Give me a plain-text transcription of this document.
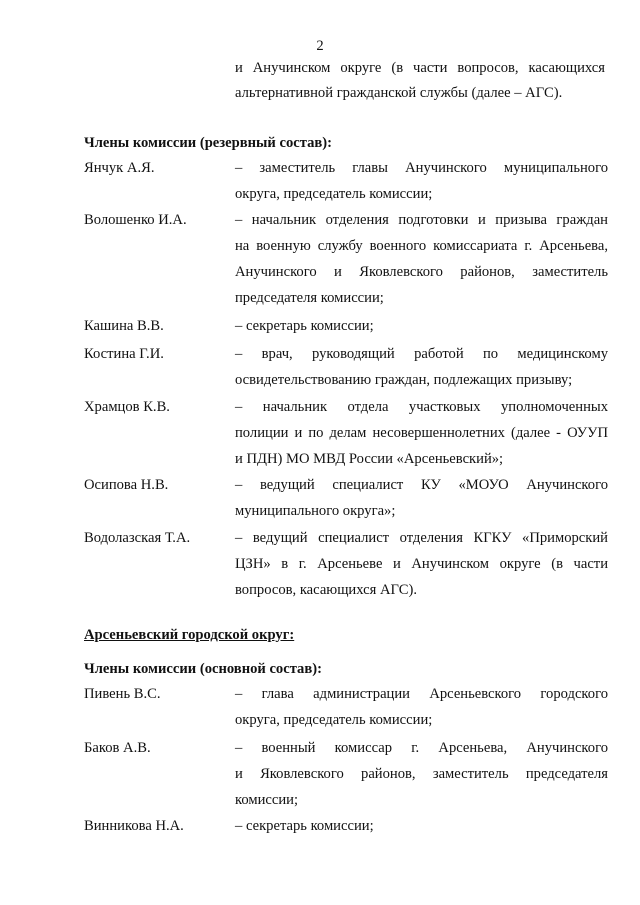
2
и Анучинском округе (в части вопросов, касающихся
альтернативной гражданской службы (далее – АГС).
Члены комиссии (резервный состав):
Янчук А.Я.	– заместитель главы Анучинского муниципального
округа, председатель комиссии;
Волошенко И.А.	– начальник отделения подготовки и призыва граждан
на военную службу военного комиссариата г. Арсеньева,
Анучинского и Яковлевского районов, заместитель
председателя комиссии;
Кашина В.В.	– секретарь комиссии;
Костина Г.И.	– врач, руководящий работой по медицинскому
освидетельствованию граждан, подлежащих призыву;
Храмцов К.В.	– начальник отдела участковых уполномоченных
полиции и по делам несовершеннолетних (далее - ОУУП
и ПДН) МО МВД России «Арсеньевский»;
Осипова Н.В.	– ведущий специалист КУ «МОУО Анучинского
муниципального округа»;
Водолазская Т.А.	– ведущий специалист отделения КГКУ «Приморский
ЦЗН» в г. Арсеньеве и Анучинском округе (в части
вопросов, касающихся АГС).
Арсеньевский городской округ:
Члены комиссии (основной состав):
Пивень В.С.	– глава администрации Арсеньевского городского
округа, председатель комиссии;
Баков А.В.	– военный комиссар г. Арсеньева, Анучинского
и Яковлевского районов, заместитель председателя
комиссии;
Винникова Н.А.	– секретарь комиссии;
